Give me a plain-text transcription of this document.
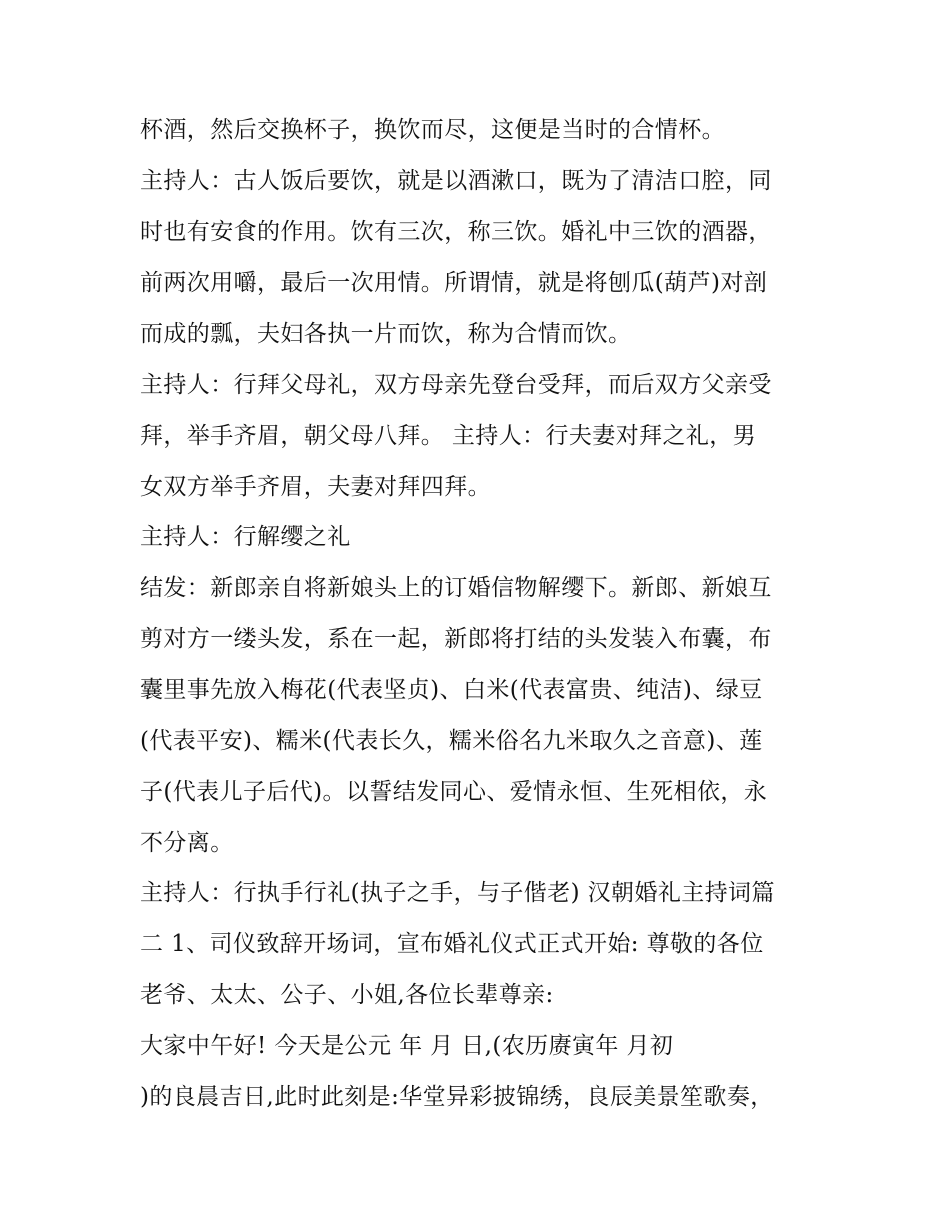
杯酒，然后交换杯子，换饮而尽，这便是当时的合情杯。
主持人：古人饭后要饮，就是以酒漱口，既为了清洁口腔，同
时也有安食的作用。饮有三次，称三饮。婚礼中三饮的酒器，
前两次用嚼，最后一次用情。所谓情，就是将刨瓜(葫芦)对剖
而成的瓢，夫妇各执一片而饮，称为合情而饮。
主持人：行拜父母礼，双方母亲先登台受拜，而后双方父亲受
拜，举手齐眉，朝父母八拜。 主持人：行夫妻对拜之礼，男
女双方举手齐眉，夫妻对拜四拜。
主持人：行解缨之礼
结发：新郎亲自将新娘头上的订婚信物解缨下。新郎、新娘互
剪对方一缕头发，系在一起，新郎将打结的头发装入布囊，布
囊里事先放入梅花(代表坚贞)、白米(代表富贵、纯洁)、绿豆
(代表平安)、糯米(代表长久，糯米俗名九米取久之音意)、莲
子(代表儿子后代)。以誓结发同心、爱情永恒、生死相依，永
不分离。
主持人：行执手行礼(执子之手，与子偕老) 汉朝婚礼主持词篇
二 1、司仪致辞开场词，宣布婚礼仪式正式开始: 尊敬的各位
老爷、太太、公子、小姐,各位长辈尊亲:
大家中午好! 今天是公元 年 月 日,(农历赓寅年 月初
)的良晨吉日,此时此刻是:华堂异彩披锦绣，良辰美景笙歌奏，
